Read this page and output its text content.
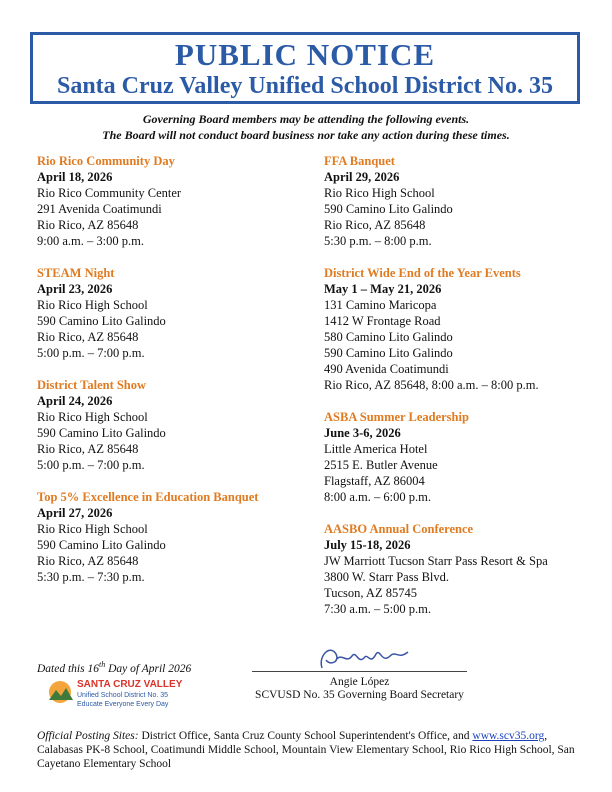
PUBLIC NOTICE
Santa Cruz Valley Unified School District No. 35
Governing Board members may be attending the following events.
The Board will not conduct board business nor take any action during these times.
Rio Rico Community Day
April 18, 2026
Rio Rico Community Center
291 Avenida Coatimundi
Rio Rico, AZ 85648
9:00 a.m. – 3:00 p.m.
STEAM Night
April 23, 2026
Rio Rico High School
590 Camino Lito Galindo
Rio Rico, AZ 85648
5:00 p.m. – 7:00 p.m.
District Talent Show
April 24, 2026
Rio Rico High School
590 Camino Lito Galindo
Rio Rico, AZ 85648
5:00 p.m. – 7:00 p.m.
Top 5% Excellence in Education Banquet
April 27, 2026
Rio Rico High School
590 Camino Lito Galindo
Rio Rico, AZ 85648
5:30 p.m. – 7:30 p.m.
FFA Banquet
April 29, 2026
Rio Rico High School
590 Camino Lito Galindo
Rio Rico, AZ 85648
5:30 p.m. – 8:00 p.m.
District Wide End of the Year Events
May 1 – May 21, 2026
131 Camino Maricopa
1412 W Frontage Road
580 Camino Lito Galindo
590 Camino Lito Galindo
490 Avenida Coatimundi
Rio Rico, AZ 85648, 8:00 a.m. – 8:00 p.m.
ASBA Summer Leadership
June 3-6, 2026
Little America Hotel
2515 E. Butler Avenue
Flagstaff, AZ 86004
8:00 a.m. – 6:00 p.m.
AASBO Annual Conference
July 15-18, 2026
JW Marriott Tucson Starr Pass Resort & Spa
3800 W. Starr Pass Blvd.
Tucson, AZ 85745
7:30 a.m. – 5:00 p.m.
Dated this 16th Day of April 2026
SANTA CRUZ VALLEY
Unified School District No. 35
Educate Everyone Every Day
Angie López
SCVUSD No. 35 Governing Board Secretary
Official Posting Sites: District Office, Santa Cruz County School Superintendent's Office, and www.scv35.org, Calabasas PK-8 School, Coatimundi Middle School, Mountain View Elementary School, Rio Rico High School, San Cayetano Elementary School
